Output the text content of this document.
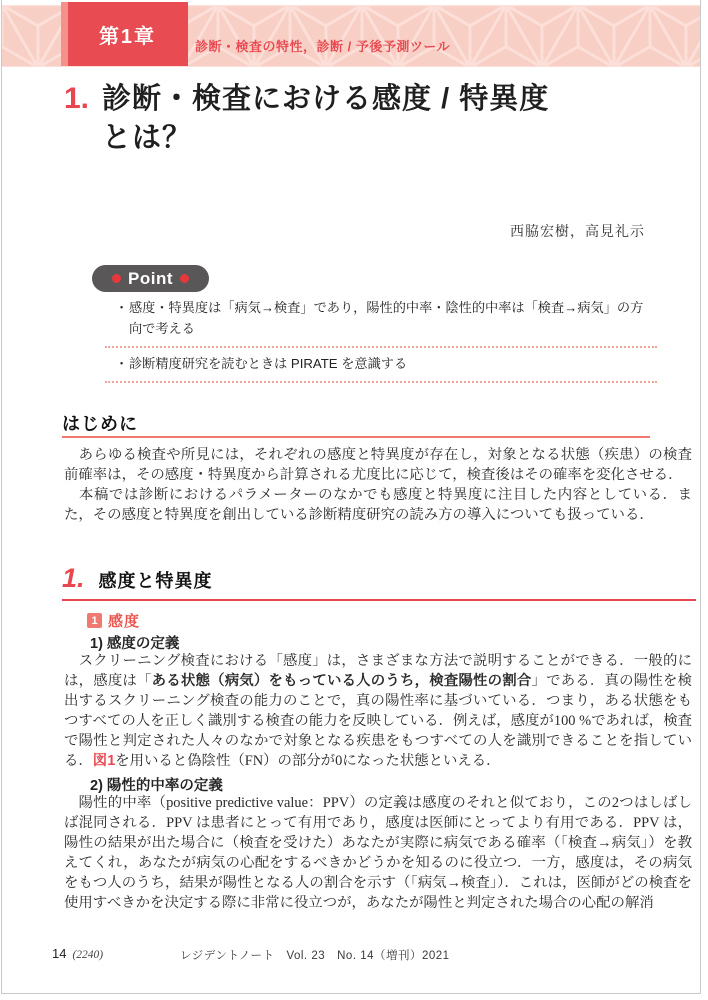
第1章	診断・検査の特性，診断 / 予後予測ツール
1. 診断・検査における感度 / 特異度
とは？
西脇宏樹，高見礼示
Point
・ 感度・特異度は「病気→検査」であり，陽性的中率・陰性的中率は「検査→病気」の方向で考える
・ 診断精度研究を読むときは PIRATE を意識する
はじめに

　あらゆる検査や所見には，それぞれの感度と特異度が存在し，対象となる状態（疾患）の検査前確率は，その感度・特異度から計算される尤度比に応じて，検査後はその確率を変化させる．

　本稿では診断におけるパラメーターのなかでも感度と特異度に注目した内容としている．また，その感度と特異度を創出している診断精度研究の読み方の導入についても扱っている．

1. 感度と特異度
1 感度
1) 感度の定義

　スクリーニング検査における「感度」は，さまざまな方法で説明することができる．一般的には，感度は「ある状態（病気）をもっている人のうち，検査陽性の割合」である．真の陽性を検出するスクリーニング検査の能力のことで，真の陽性率に基づいている．つまり，ある状態をもつすべての人を正しく識別する検査の能力を反映している．例えば，感度が100 %であれば，検査で陽性と判定された人々のなかで対象となる疾患をもつすべての人を識別できることを指している．図1を用いると偽陰性（FN）の部分が0になった状態といえる．

2) 陽性的中率の定義

　陽性的中率（positive predictive value：PPV）の定義は感度のそれと似ており，この2つはしばしば混同される．PPV は患者にとって有用であり，感度は医師にとってより有用である．PPV は，陽性の結果が出た場合に（検査を受けた）あなたが実際に病気である確率（「検査→病気」）を教えてくれ，あなたが病気の心配をするべきかどうかを知るのに役立つ．一方，感度は，その病気をもつ人のうち，結果が陽性となる人の割合を示す（「病気→検査」）．これは，医師がどの検査を使用すべきかを決定する際に非常に役立つが，あなたが陽性と判定された場合の心配の解消

14 (2240)	レジデントノート　Vol. 23　No. 14（増刊）2021
